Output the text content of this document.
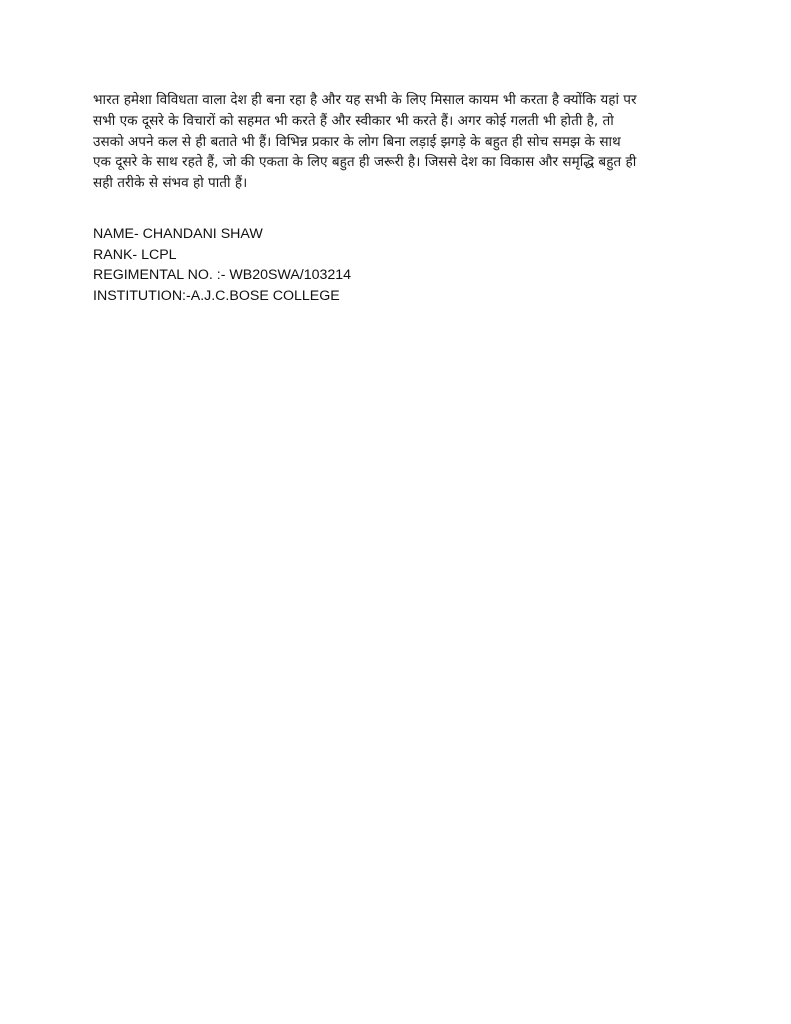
भारत हमेशा विविधता वाला देश ही बना रहा है और यह सभी के लिए मिसाल कायम भी करता है क्योंकि यहां पर
सभी एक दूसरे के विचारों को सहमत भी करते हैं और स्वीकार भी करते हैं। अगर कोई गलती भी होती है, तो
उसको अपने कल से ही बताते भी हैं। विभिन्न प्रकार के लोग बिना लड़ाई झगड़े के बहुत ही सोच समझ के साथ
एक दूसरे के साथ रहते हैं, जो की एकता के लिए बहुत ही जरूरी है। जिससे देश का विकास और समृद्धि बहुत ही
सही तरीके से संभव हो पाती हैं।

NAME- CHANDANI SHAW
RANK- LCPL
REGIMENTAL NO. :- WB20SWA/103214
INSTITUTION:-A.J.C.BOSE COLLEGE
